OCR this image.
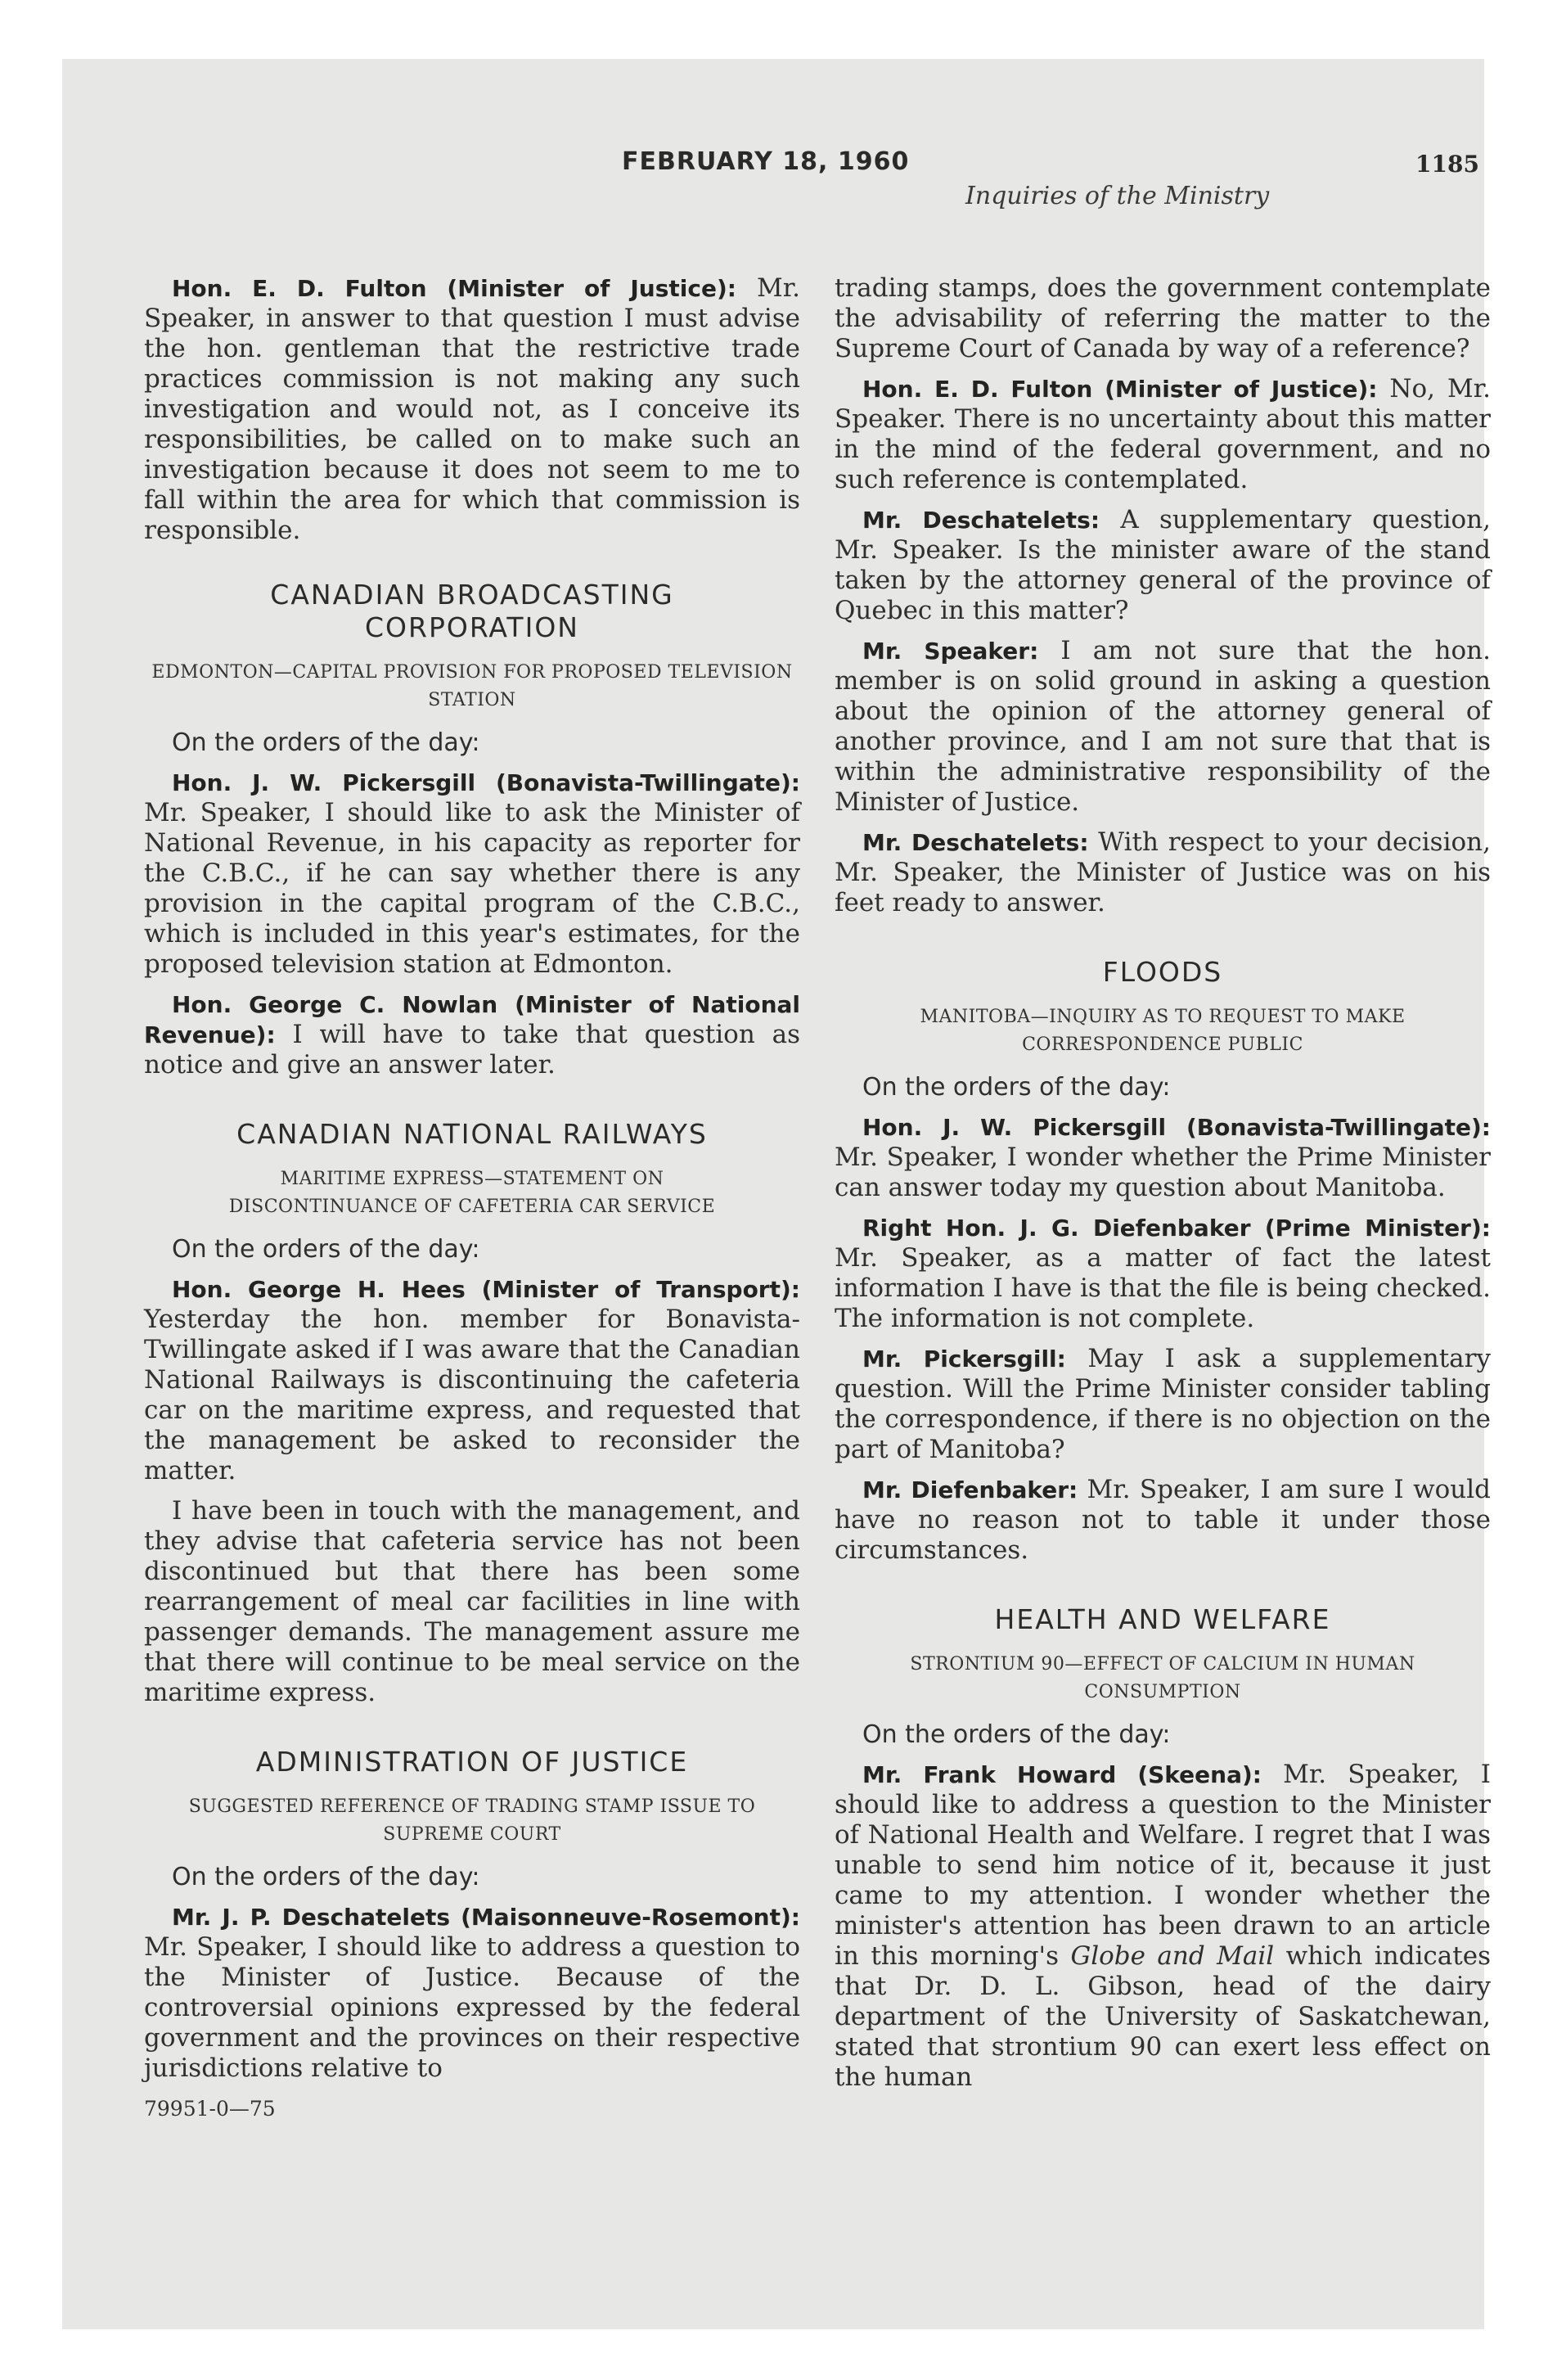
FEBRUARY 18, 1960	1185
Inquiries of the Ministry

Hon. E. D. Fulton (Minister of Justice): Mr. Speaker, in answer to that question I must advise the hon. gentleman that the restrictive trade practices commission is not making any such investigation and would not, as I conceive its responsibilities, be called on to make such an investigation because it does not seem to me to fall within the area for which that commission is responsible.

CANADIAN BROADCASTING CORPORATION
EDMONTON—CAPITAL PROVISION FOR PROPOSED TELEVISION STATION

On the orders of the day:

Hon. J. W. Pickersgill (Bonavista-Twillingate): Mr. Speaker, I should like to ask the Minister of National Revenue, in his capacity as reporter for the C.B.C., if he can say whether there is any provision in the capital program of the C.B.C., which is included in this year's estimates, for the proposed television station at Edmonton.

Hon. George C. Nowlan (Minister of National Revenue): I will have to take that question as notice and give an answer later.

CANADIAN NATIONAL RAILWAYS
MARITIME EXPRESS—STATEMENT ON DISCONTINUANCE OF CAFETERIA CAR SERVICE

On the orders of the day:

Hon. George H. Hees (Minister of Transport): Yesterday the hon. member for Bonavista-Twillingate asked if I was aware that the Canadian National Railways is discontinuing the cafeteria car on the maritime express, and requested that the management be asked to reconsider the matter.

I have been in touch with the management, and they advise that cafeteria service has not been discontinued but that there has been some rearrangement of meal car facilities in line with passenger demands. The management assure me that there will continue to be meal service on the maritime express.

ADMINISTRATION OF JUSTICE
SUGGESTED REFERENCE OF TRADING STAMP ISSUE TO SUPREME COURT

On the orders of the day:

Mr. J. P. Deschatelets (Maisonneuve-Rosemont): Mr. Speaker, I should like to address a question to the Minister of Justice. Because of the controversial opinions expressed by the federal government and the provinces on their respective jurisdictions relative to

79951-0—75

trading stamps, does the government contemplate the advisability of referring the matter to the Supreme Court of Canada by way of a reference?

Hon. E. D. Fulton (Minister of Justice): No, Mr. Speaker. There is no uncertainty about this matter in the mind of the federal government, and no such reference is contemplated.

Mr. Deschatelets: A supplementary question, Mr. Speaker. Is the minister aware of the stand taken by the attorney general of the province of Quebec in this matter?

Mr. Speaker: I am not sure that the hon. member is on solid ground in asking a question about the opinion of the attorney general of another province, and I am not sure that that is within the administrative responsibility of the Minister of Justice.

Mr. Deschatelets: With respect to your decision, Mr. Speaker, the Minister of Justice was on his feet ready to answer.

FLOODS
MANITOBA—INQUIRY AS TO REQUEST TO MAKE CORRESPONDENCE PUBLIC

On the orders of the day:

Hon. J. W. Pickersgill (Bonavista-Twillingate): Mr. Speaker, I wonder whether the Prime Minister can answer today my question about Manitoba.

Right Hon. J. G. Diefenbaker (Prime Minister): Mr. Speaker, as a matter of fact the latest information I have is that the file is being checked. The information is not complete.

Mr. Pickersgill: May I ask a supplementary question. Will the Prime Minister consider tabling the correspondence, if there is no objection on the part of Manitoba?

Mr. Diefenbaker: Mr. Speaker, I am sure I would have no reason not to table it under those circumstances.

HEALTH AND WELFARE
STRONTIUM 90—EFFECT OF CALCIUM IN HUMAN CONSUMPTION

On the orders of the day:

Mr. Frank Howard (Skeena): Mr. Speaker, I should like to address a question to the Minister of National Health and Welfare. I regret that I was unable to send him notice of it, because it just came to my attention. I wonder whether the minister's attention has been drawn to an article in this morning's Globe and Mail which indicates that Dr. D. L. Gibson, head of the dairy department of the University of Saskatchewan, stated that strontium 90 can exert less effect on the human
